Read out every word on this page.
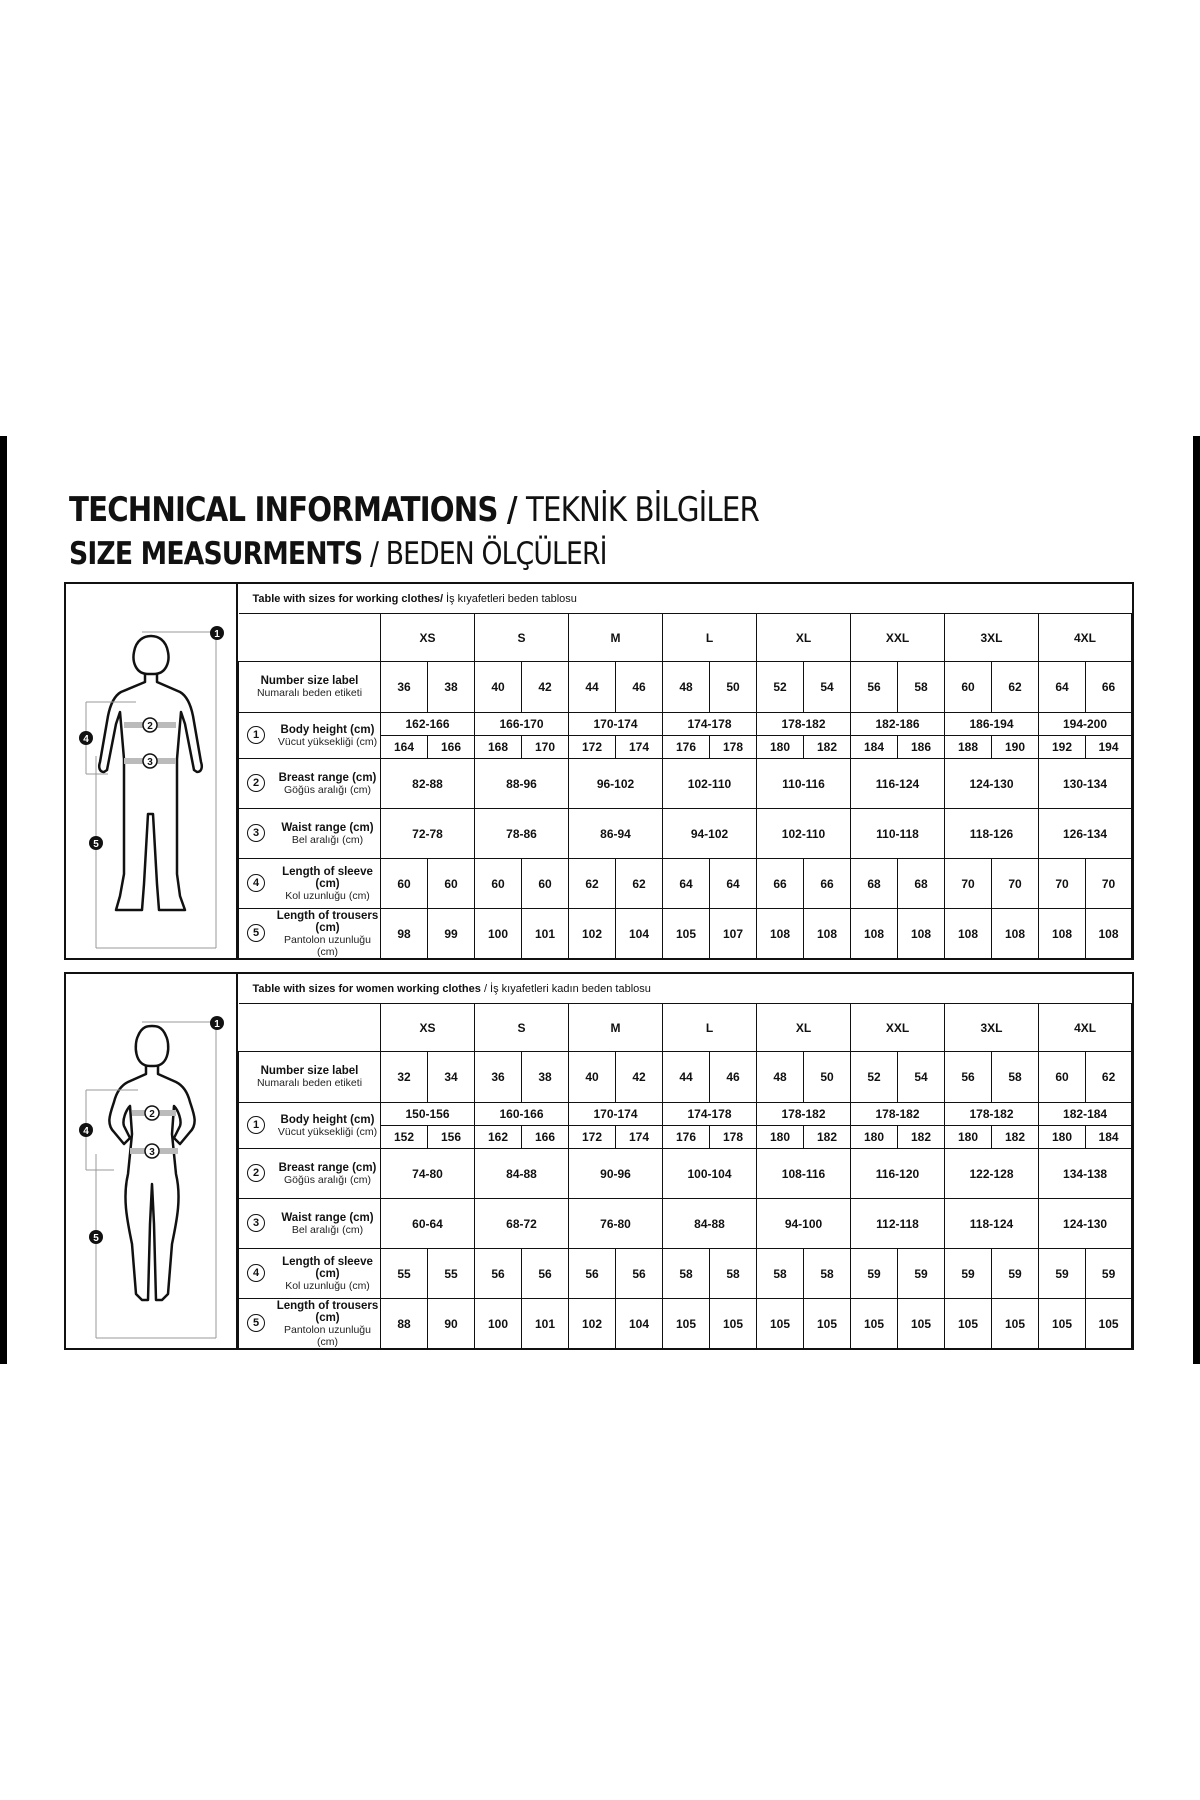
TECHNICAL INFORMATIONS / TEKNİK BİLGİLER
SIZE MEASURMENTS / BEDEN ÖLÇÜLERİ
1
2
3
4
5
Table with sizes for working clothes/ İş kıyafetleri beden tablosu																
	XS		S		M		L		XL		XXL		3XL		4XL	

Number size label
Numaralı beden etiketi	36	38	40	42	44	46	48	50	52	54	56	58	60	62	64	66

1 Body height (cm)
Vücut yüksekliği (cm)	162-166		166-170		170-174		174-178		178-182		182-186		186-194		194-200	
	164	166	168	170	172	174	176	178	180	182	184	186	188	190	192	194

2 Breast range (cm)
Göğüs aralığı (cm)	82-88		88-96		96-102		102-110		110-116		116-124		124-130		130-134	

3 Waist range (cm)
Bel aralığı (cm)	72-78		78-86		86-94		94-102		102-110		110-118		118-126		126-134	

4
Length of sleeve (cm)
Kol uzunluğu (cm)	60	60	60	60	62	62	64	64	66	66	68	68	70	70	70	70

5
Length of trousers (cm)
Pantolon uzunluğu (cm)	98	99	100	101	102	104	105	107	108	108	108	108	108	108	108	108
1
2
3
4
5
Table with sizes for women working clothes / İş kıyafetleri kadın beden tablosu																
	XS		S		M		L		XL		XXL		3XL		4XL	

Number size label
Numaralı beden etiketi	32	34	36	38	40	42	44	46	48	50	52	54	56	58	60	62

1 Body height (cm)
Vücut yüksekliği (cm)	150-156		160-166		170-174		174-178		178-182		178-182		178-182		182-184	
	152	156	162	166	172	174	176	178	180	182	180	182	180	182	180	184

2 Breast range (cm)
Göğüs aralığı (cm)	74-80		84-88		90-96		100-104		108-116		116-120		122-128		134-138	

3 Waist range (cm)
Bel aralığı (cm)	60-64		68-72		76-80		84-88		94-100		112-118		118-124		124-130	

4
Length of sleeve (cm)
Kol uzunluğu (cm)	55	55	56	56	56	56	58	58	58	58	59	59	59	59	59	59

5
Length of trousers (cm)
Pantolon uzunluğu (cm)	88	90	100	101	102	104	105	105	105	105	105	105	105	105	105	105
